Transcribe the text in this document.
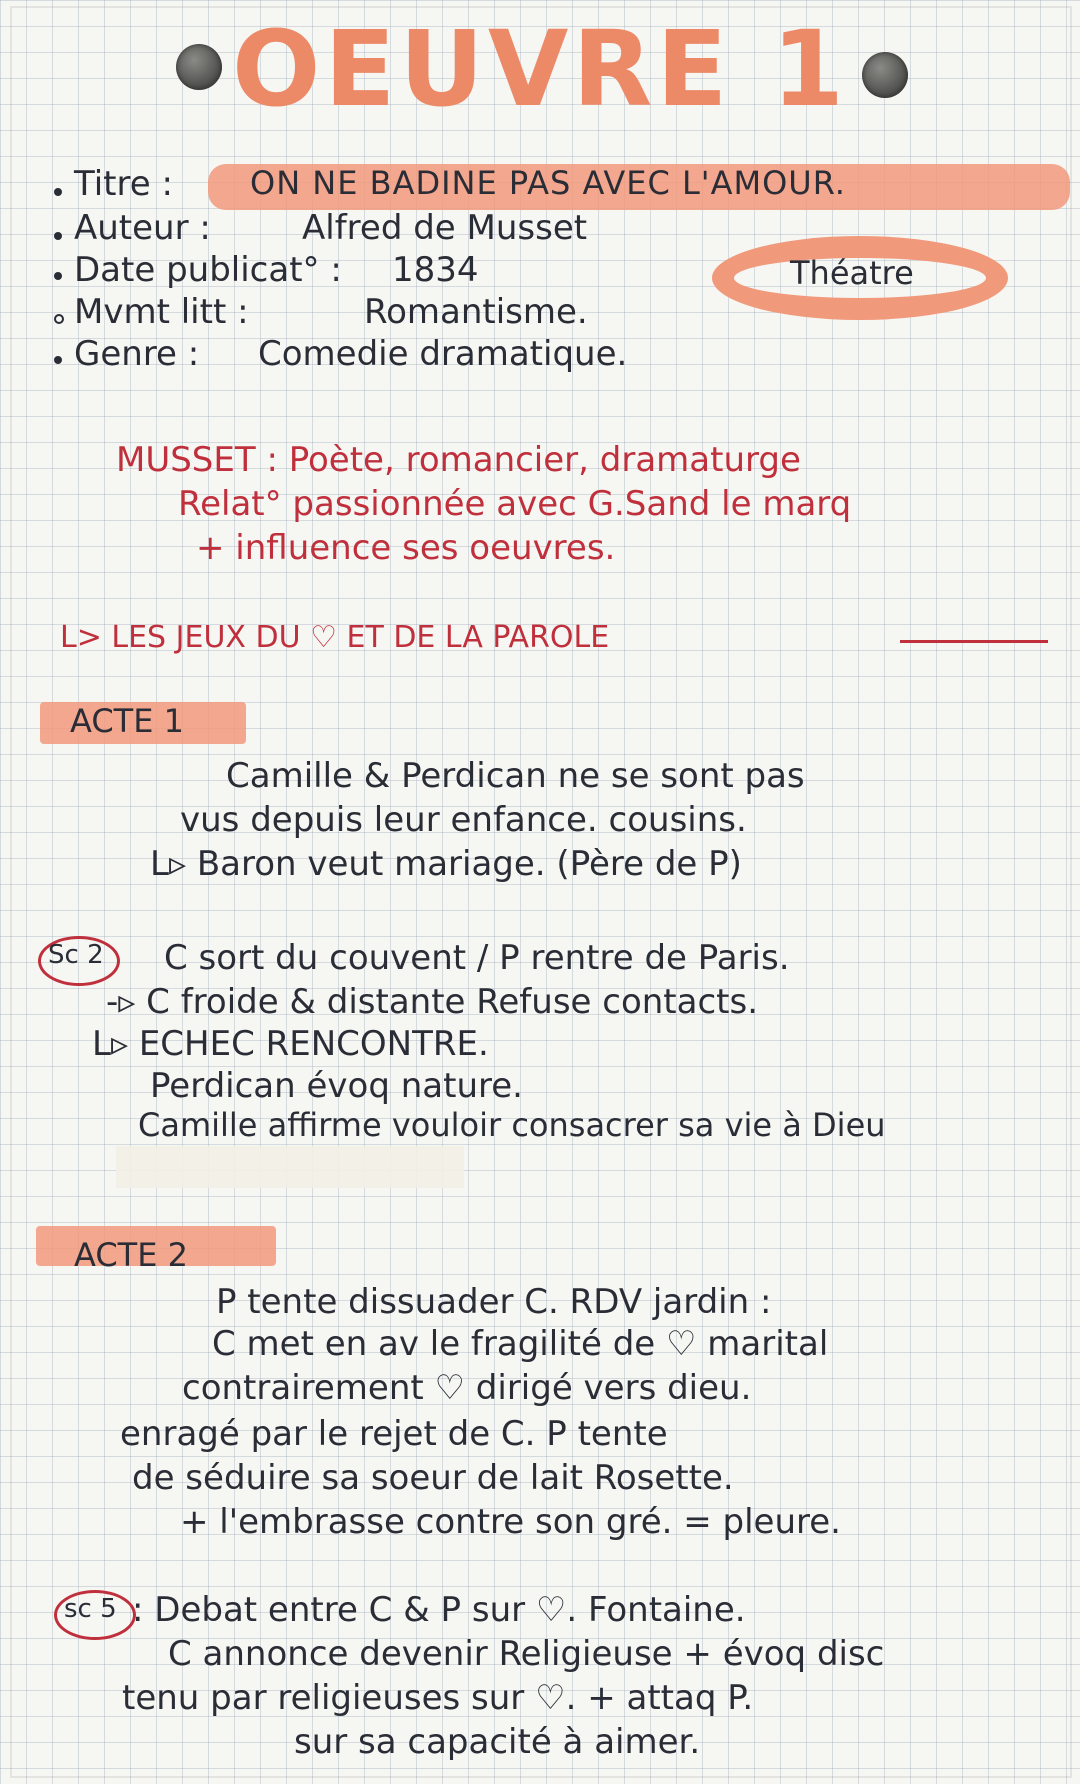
OEUVRE 1
Titre : ON NE BADINE PAS AVEC L'AMOUR.
Auteur :	Alfred de Musset
Date publicat° : 1834	Théatre
Mvmt litt :	Romantisme.
Genre : Comedie dramatique.
MUSSET : Poète, romancier, dramaturge
Relat° passionnée avec G.Sand le marq
+ influence ses oeuvres.
L> LES JEUX DU ♡ ET DE LA PAROLE
ACTE 1
Camille & Perdican ne se sont pas
vus depuis leur enfance. cousins.
L▹ Baron veut mariage. (Père de P)
Sc 2 C sort du couvent / P rentre de Paris.
-▹ C froide & distante Refuse contacts.
L▹ ECHEC RENCONTRE.
Perdican évoq nature.
Camille affirme vouloir consacrer sa vie à Dieu
ACTE 2
P tente dissuader C. RDV jardin :
C met en av le fragilité de ♡ marital
contrairement ♡ dirigé vers dieu.
enragé par le rejet de C. P tente
de séduire sa soeur de lait Rosette.
+ l'embrasse contre son gré. = pleure.
sc 5 : Debat entre C & P sur ♡. Fontaine.
C annonce devenir Religieuse + évoq disc
tenu par religieuses sur ♡. + attaq P.
sur sa capacité à aimer.
